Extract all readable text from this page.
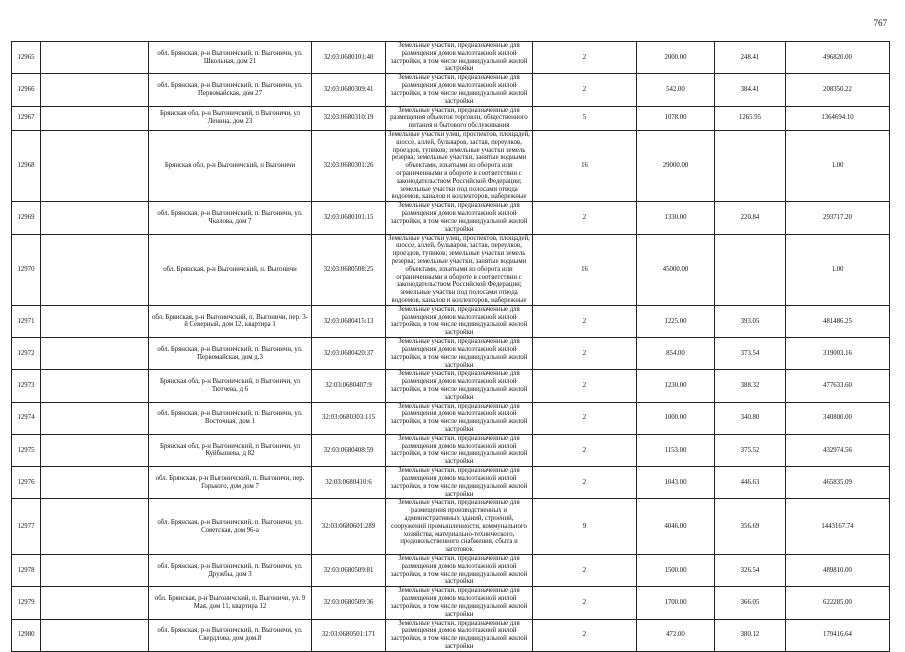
767
12965		обл. Брянская, р-н Выгоничский, п. Выгоничи, ул. Школьная, дом 21	32:03:0680101:40	Земельные участки, предназначенные для размещения домов малоэтажной жилой застройки, в том числе индивидуальной жилой застройки	2	2000.00	248.41	496820.00
12966		обл. Брянская, р-н Выгоничский, п. Выгоничи, ул. Первомайская, дом 27	32:03:0680309:41	Земельные участки, предназначенные для размещения домов малоэтажной жилой застройки, в том числе индивидуальной жилой застройки	2	542.00	384.41	208350.22
12967		Брянская обл, р-н Выгоничский, п Выгоничи, ул Ленина, дом 23	32:03:0680310:19	Земельные участки, предназначенные для размещения объектов торговли, общественного питания и бытового обслуживания	5	1078.00	1265.95	1364694.10
12968		Брянская обл, р-н Выгоничский, п Выгоничи	32:03:0680301:26	Земельные участки улиц, проспектов, площадей, шоссе, аллей, бульваров, застав, переулков, проездов, тупиков; земельные участки земель резерва; земельные участки, занятые водными объектами, изъятыми из оборота или ограниченными в обороте в соответствии с законодательством Российской Федерации; земельные участки под полосами отвода водоемов, каналов и коллекторов, набережные	16	29000.00		1.00
12969		обл. Брянская, р-н Выгоничский, п. Выгоничи, ул. Чкалова, дом 7	32:03:0680101:15	Земельные участки, предназначенные для размещения домов малоэтажной жилой застройки, в том числе индивидуальной жилой застройки	2	1330.00	220.84	293717.20
12970		обл. Брянская, р-н Выгоничский, п. Выгоничи	32:03:0680508:25	Земельные участки улиц, проспектов, площадей, шоссе, аллей, бульваров, застав, переулков, проездов, тупиков; земельные участки земель резерва; земельные участки, занятые водными объектами, изъятыми из оборота или ограниченными в обороте в соответствии с законодательством Российской Федерации; земельные участки под полосами отвода водоемов, каналов и коллекторов, набережные	16	45000.00		1.00
12971		обл. Брянская, р-н Выгоничский, п. Выгоничи, пер. 3-й Северный, дом 12, квартира 1	32:03:0680415:13	Земельные участки, предназначенные для размещения домов малоэтажной жилой застройки, в том числе индивидуальной жилой застройки	2	1225.00	393.05	481486.25
12972		обл. Брянская, р-н Выгоничский, п. Выгоничи, ул. Первомайская, дом д.3	32:03:0680420:37	Земельные участки, предназначенные для размещения домов малоэтажной жилой застройки, в том числе индивидуальной жилой застройки	2	854.00	373.54	319003.16
12973		Брянская обл, р-н Выгоничский, п Выгоничи, ул Тютчева, д 6	32:03:0680407:9	Земельные участки, предназначенные для размещения домов малоэтажной жилой застройки, в том числе индивидуальной жилой застройки	2	1230.00	388.32	477633.60
12974		обл. Брянская, р-н Выгоничский, п. Выгоничи, ул. Восточная, дом 1	32:03:0680303:115	Земельные участки, предназначенные для размещения домов малоэтажной жилой застройки, в том числе индивидуальной жилой застройки	2	1000.00	340.80	340800.00
12975		Брянская обл, р-н Выгоничский, п Выгоничи, ул Куйбышева, д 82	32:03:0680408:59	Земельные участки, предназначенные для размещения домов малоэтажной жилой застройки, в том числе индивидуальной жилой застройки	2	1153.00	375.52	432974.56
12976		обл. Брянская, р-н Выгоничский, п. Выгоничи, пер. Горького, дом дом 7	32:03:0680410:6	Земельные участки, предназначенные для размещения домов малоэтажной жилой застройки, в том числе индивидуальной жилой застройки	2	1043.00	446.63	465835.09
12977		обл. Брянская, р-н Выгоничский, п. Выгоничи, ул. Советская, дом 96-а	32:03:0680601:289	Земельные участки, предназначенные для размещения производственных и административных зданий, строений, сооружений промышленности, коммунального хозяйства, материально-технического, продовольственного снабжения, сбыта и заготовок	9	4046.00	356.69	1443167.74
12978		обл. Брянская, р-н Выгоничский, п. Выгоничи, ул. Дружбы, дом 3	32:03:0680509:81	Земельные участки, предназначенные для размещения домов малоэтажной жилой застройки, в том числе индивидуальной жилой застройки	2	1500.00	326.54	489810.00
12979		обл. Брянская, р-н Выгоничский, п. Выгоничи, ул. 9 Мая, дом 11, квартира 12	32:03:0680509:36	Земельные участки, предназначенные для размещения домов малоэтажной жилой застройки, в том числе индивидуальной жилой застройки	2	1700.00	366.05	622285.00
12980		обл. Брянская, р-н Выгоничский, п. Выгоничи, ул. Свердлова, дом дом.8	32:03:0680501:171	Земельные участки, предназначенные для размещения домов малоэтажной жилой застройки, в том числе индивидуальной жилой застройки	2	472.00	380.12	179416.64
